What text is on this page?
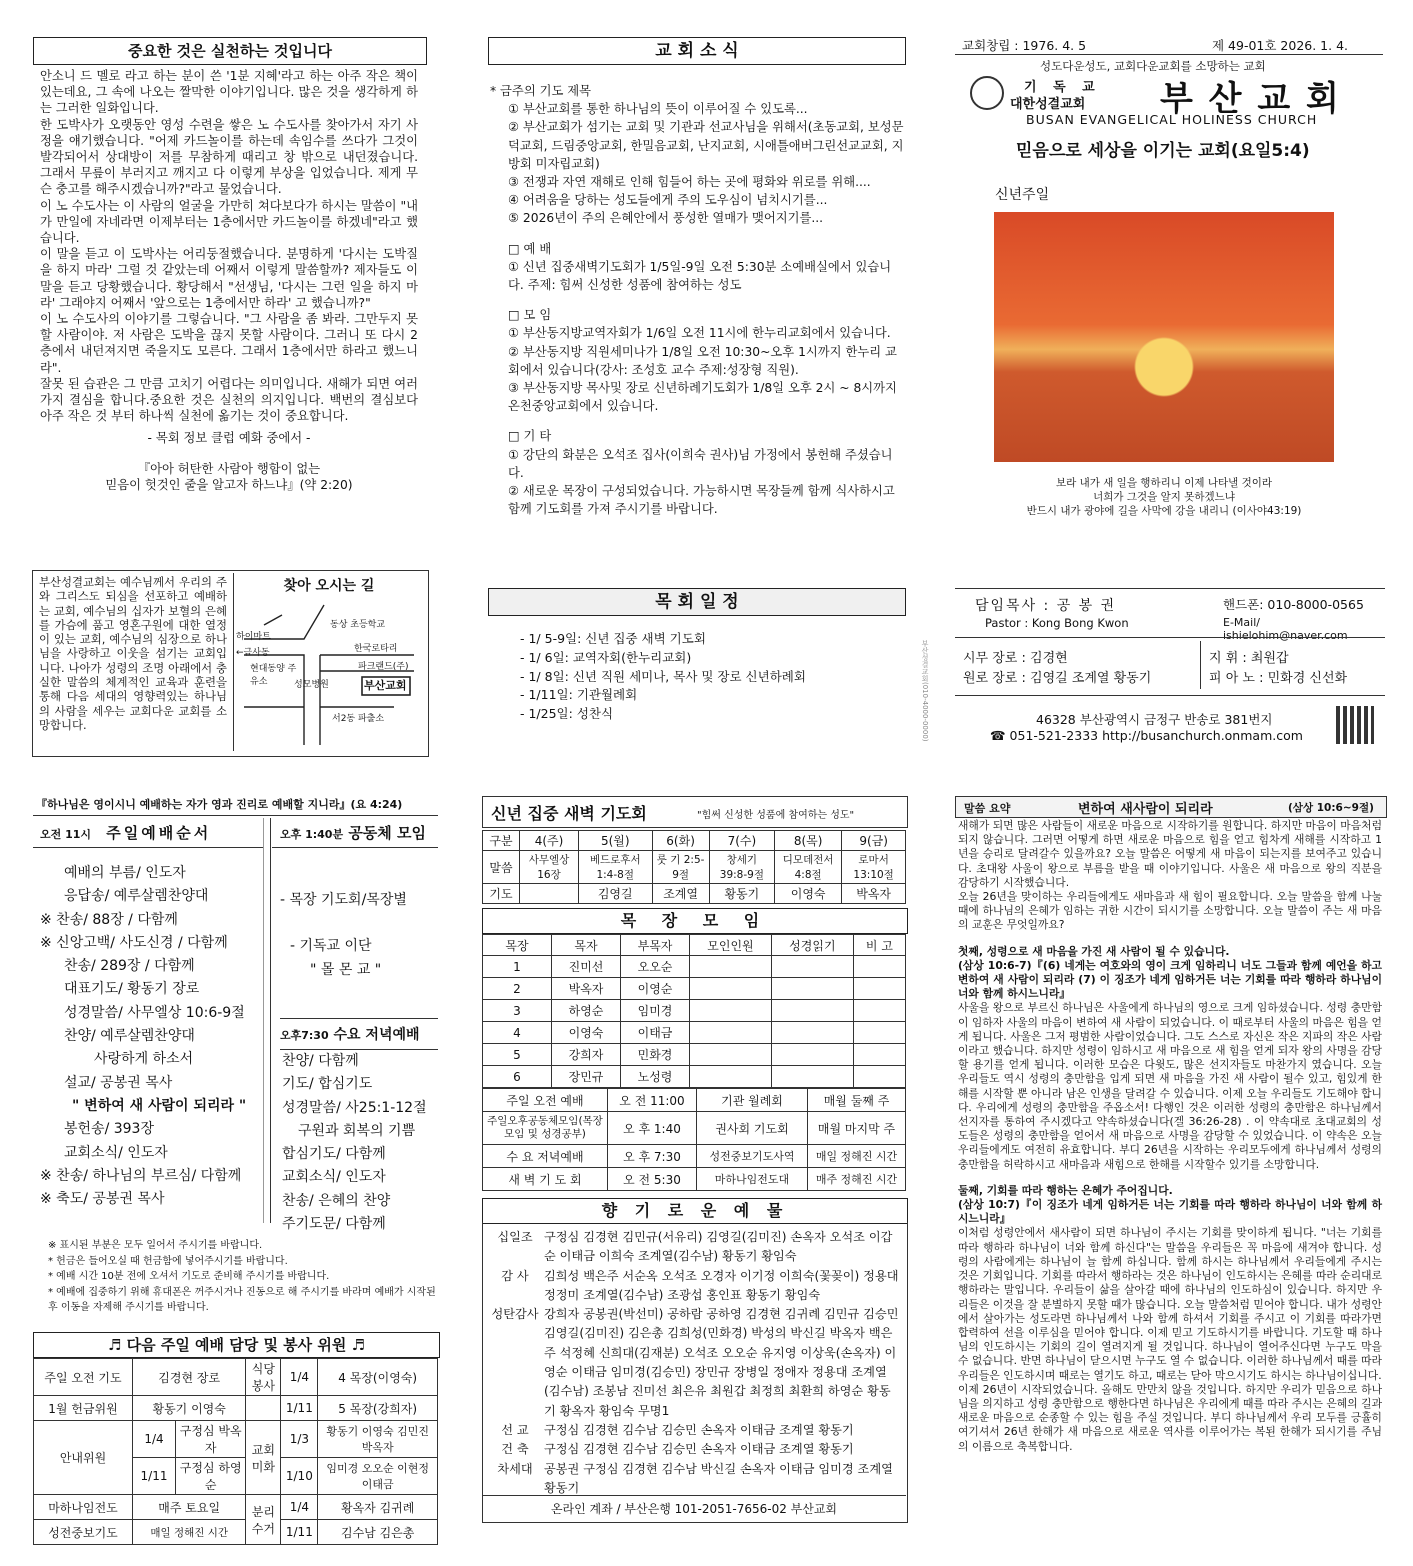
중요한 것은 실천하는 것입니다

안소니 드 멜로 라고 하는 분이 쓴 '1분 지혜'라고 하는 아주 작은 책이 있는데요, 그 속에 나오는 짤막한 이야기입니다. 많은 것을 생각하게 하는 그러한 일화입니다.

한 도박사가 오랫동안 영성 수련을 쌓은 노 수도사를 찾아가서 자기 사정을 얘기했습니다. "어제 카드놀이를 하는데 속임수를 쓰다가 그것이 발각되어서 상대방이 저를 무참하게 때리고 창 밖으로 내던졌습니다. 그래서 무릎이 부러지고 깨지고 다 이렇게 부상을 입었습니다. 제게 무슨 충고를 해주시겠습니까?"라고 물었습니다.

이 노 수도사는 이 사람의 얼굴을 가만히 쳐다보다가 하시는 말씀이 "내가 만일에 자네라면 이제부터는 1층에서만 카드놀이를 하겠네"라고 했습니다.

이 말을 듣고 이 도박사는 어리둥절했습니다. 분명하게 '다시는 도박질을 하지 마라' 그럴 것 같았는데 어째서 이렇게 말씀할까? 제자들도 이 말을 듣고 당황했습니다. 황당해서 "선생님, '다시는 그런 일을 하지 마라' 그래야지 어째서 '앞으로는 1층에서만 하라' 고 했습니까?"

이 노 수도사의 이야기를 그렇습니다. "그 사람을 좀 봐라. 그만두지 못할 사람이야. 저 사람은 도박을 끊지 못할 사람이다. 그러니 또 다시 2층에서 내던져지면 죽을지도 모른다. 그래서 1층에서만 하라고 했느니라".

잘못 된 습관은 그 만큼 고치기 어렵다는 의미입니다. 새해가 되면 여러가지 결심을 합니다.중요한 것은 실천의 의지입니다. 백번의 결심보다 아주 작은 것 부터 하나씩 실천에 옮기는 것이 중요합니다.

- 목회 정보 클럽 예화 중에서 -

『아아 허탄한 사람아 행함이 없는

믿음이 헛것인 줄을 알고자 하느냐』(약 2:20)

부산성결교회는 예수님께서 우리의 주와 그리스도 되심을 선포하고 예배하는 교회, 예수님의 십자가 보혈의 은혜를 가슴에 품고 영혼구원에 대한 열정이 있는 교회, 예수님의 심장으로 하나님을 사랑하고 이웃을 섬기는 교회입니다. 나아가 성령의 조명 아래에서 충실한 말씀의 체계적인 교육과 훈련을 통해 다음 세대의 영향력있는 하나님의 사람을 세우는 교회다운 교회를 소망합니다.
찾아 오시는 길
하이마트
←금사동
동상 초등학교
한국로타리
파크랜드(주)
현대동양 주유소	성모병원	부산교회
서2동 파출소
교 회 소 식
* 금주의 기도 제목
① 부산교회를 통한 하나님의 뜻이 이루어질 수 있도록...
② 부산교회가 섬기는 교회 및 기관과 선교사님을 위해서(초동교회, 보성문덕교회, 드림중앙교회, 한밀음교회, 난지교회, 시애틀애버그린선교교회, 지방회 미자립교회)
③ 전쟁과 자연 재해로 인해 힘들어 하는 곳에 평화와 위로를 위해....
④ 어려움을 당하는 성도들에게 주의 도우심이 넘치시기를...
⑤ 2026년이 주의 은혜안에서 풍성한 열매가 맺어지기를...
□ 예 배
① 신년 집중새벽기도회가 1/5일-9일 오전 5:30분 소예배실에서 있습니다. 주제: 힘써 신성한 성품에 참여하는 성도
□ 모 임
① 부산동지방교역자회가 1/6일 오전 11시에 한누리교회에서 있습니다.
② 부산동지방 직원세미나가 1/8일 오전 10:30~오후 1시까지 한누리 교회에서 있습니다(강사: 조성호 교수 주제:성장형 직원).
③ 부산동지방 목사및 장로 신년하례기도회가 1/8일 오후 2시 ~ 8시까지 온천중앙교회에서 있습니다.
□ 기 타
① 강단의 화분은 오석조 집사(이희숙 권사)님 가정에서 봉헌해 주셨습니다.
② 새로운 목장이 구성되었습니다. 가능하시면 목장들께 함께 식사하시고 함께 기도회를 가져 주시기를 바랍니다.
목 회 일 정
- 1/ 5-9일: 신년 집중 새벽 기도회
- 1/ 6일: 교역자회(한누리교회)
- 1/ 8일: 신년 직원 세미나, 목사 및 장로 신년하례회
- 1/11일: 기관월례회
- 1/25일: 성찬식	부산성결교회(010-4000-0000)
교회창립 : 1976. 4. 5	제 49-01호 2026. 1. 4.
성도다운성도, 교회다운교회를 소망하는 교회
기 독 교
대한성결교회 부 산 교 회
BUSAN EVANGELICAL HOLINESS CHURCH
믿음으로 세상을 이기는 교회(요일5:4)
신년주일
보라 내가 새 일을 행하리니 이제 나타낼 것이라
너희가 그것을 알지 못하겠느냐
반드시 내가 광야에 길을 사막에 강을 내리니 (이사야43:19)
담임목사 : 공 봉 권	핸드폰: 010-8000-0565
Pastor : Kong Bong Kwon	E-Mail/ ishielohim@naver.com
시무 장로 : 김경현
원로 장로 : 김영길 조계열 황동기
지 휘 : 최원갑
피 아 노 : 민화경 신선화
46328 부산광역시 금정구 반송로 381번지
☎ 051-521-2333 http://busanchurch.onmam.com
『하나님은 영이시니 예배하는 자가 영과 진리로 예배할 지니라』(요 4:24)
오전 11시 주일예배순서
예배의 부름/ 인도자
응답송/ 예루살렘찬양대
※ 찬송/ 88장 / 다함께
※ 신앙고백/ 사도신경 / 다함께
찬송/ 289장 / 다함께
대표기도/ 황동기 장로
성경말씀/ 사무엘상 10:6-9절
찬양/ 예루살렘찬양대
사랑하게 하소서
설교/ 공봉권 목사
" 변하여 새 사람이 되리라 "
봉헌송/ 393장
교회소식/ 인도자
※ 찬송/ 하나님의 부르심/ 다함께
※ 축도/ 공봉권 목사
오후 1:40분 공동체 모임
- 목장 기도회/목장별
- 기독교 이단
" 몰 몬 교 "
오후7:30 수요 저녁예배
찬양/ 다함께
기도/ 합심기도
성경말씀/ 사25:1-12절
구원과 회복의 기쁨
합심기도/ 다함께
교회소식/ 인도자
찬송/ 은혜의 찬양
주기도문/ 다함께
※ 표시된 부분은 모두 일어서 주시기를 바랍니다.
* 헌금은 들어오실 때 헌금함에 넣어주시기를 바랍니다.
* 예배 시간 10분 전에 오셔서 기도로 준비해 주시기를 바랍니다.
* 예배에 집중하기 위해 휴대폰은 꺼주시거나 진동으로 해 주시기를 바라며 예배가 시작된후 이동을 자제해 주시기를 바랍니다.
♬ 다음 주일 예배 담당 및 봉사 위원 ♬
주일 오전 기도	김경현 장로		식당봉사	1/4	4 목장(이영숙)
1월 헌금위원	황동기 이영숙			1/11	5 목장(강희자)
안내위원	1/4	구정심 박옥자	교회미화	1/3	황동기 이영숙 김민진 박옥자
	1/11	구정심 하영순		1/10	임미경 오오순 이현정 이태금
마하나임전도	매주 토요일		분리수거	1/4	황옥자 김귀례
성전중보기도	매일 정해진 시간			1/11	김수남 김은총
신년 집중 새벽 기도회	"힘써 신성한 성품에 참여하는 성도"
구분	4(주)	5(월)	6(화)	7(수)	8(목)	9(금)
말씀	사무엘상 16장	베드로후서 1:4-8절	룻 기 2:5-9절	창세기 39:8-9절	디모데전서 4:8절	로마서 13:10절
기도		김영길	조계열	황동기	이영숙	박옥자
목 장 모 임
목장	목자	부목자	모인인원	성경읽기	비 고
1	진미선	오오순			
2	박옥자	이영순			
3	하영순	임미경			
4	이영숙	이태금			
5	강희자	민화경			
6	장민규	노성령			
주일 오전 예배	오 전 11:00	기관 월례회	매월 둘째 주
주일오후공동체모임(목장모임 및 성경공부)	오 후 1:40	권사회 기도회	매월 마지막 주
수 요 저녁예배	오 후 7:30	성전중보기도사역	매일 정해진 시간
새 벽 기 도 회	오 전 5:30	마하나임전도대	매주 정해진 시간
향 기 로 운 예 물
십일조 구정심 김경현 김민규(서유리) 김영길(김미진) 손옥자 오석조 이갑순 이태금 이희숙 조계열(김수남) 황동기 황임숙
감 사	김희성 백은주 서순옥 오석조 오경자 이기정 이희숙(꽃꽂이) 정용대 정정미 조계열(김수남) 조광섭 홍인표 황동기 황임숙
성탄감사 강희자 공봉권(박선미) 공하람 공하영 김경현 김귀례 김민규 김승민 김영길(김미진) 김은총 김희성(민화경) 박성의 박신길 박옥자 백은주 석정혜 신희대(김재분) 오석조 오오순 유지영 이상욱(손옥자) 이영순 이태금 임미경(김승민) 장민규 장병일 정애자 정용대 조계열(김수남) 조봉남 진미선 최은유 최원갑 최정희 최환희 하영순 황동기 황옥자 황임숙 무명1
선 교	구정심 김경현 김수남 김승민 손옥자 이태금 조계열 황동기
건 축	구정심 김경현 김수남 김승민 손옥자 이태금 조계열 황동기
차세대 공봉권 구정심 김경현 김수남 박신길 손옥자 이태금 임미경 조계열 황동기
온라인 계좌 / 부산은행 101-2051-7656-02 부산교회
말씀 요약	변하여 새사람이 되리라	(삼상 10:6~9절)

새해가 되면 많은 사람들이 새로운 마음으로 시작하기를 원합니다. 하지만 마음이 마음처럼 되지 않습니다. 그러면 어떻게 하면 새로운 마음으로 힘을 얻고 힘차게 새해를 시작하고 1년을 승리로 달려갈수 있을까요? 오늘 말씀은 어떻게 새 마음이 되는지를 보여주고 있습니다. 초대왕 사울이 왕으로 부름을 받을 때 이야기입니다. 사울은 새 마음으로 왕의 직분을 감당하기 시작했습니다.

오늘 26년을 맞이하는 우리들에게도 새마음과 새 힘이 필요합니다. 오늘 말씀을 함께 나눌때에 하나님의 은혜가 임하는 귀한 시간이 되시기를 소망합니다. 오늘 말씀이 주는 새 마음의 교훈은 무엇일까요?

첫째, 성령으로 새 마음을 가진 새 사람이 될 수 있습니다.

(삼상 10:6-7)『(6) 네게는 여호와의 영이 크게 임하리니 너도 그들과 함께 예언을 하고 변하여 새 사람이 되리라 (7) 이 징조가 네게 임하거든 너는 기회를 따라 행하라 하나님이 너와 함께 하시느니라』

사울을 왕으로 부르신 하나님은 사울에게 하나님의 영으로 크게 임하셨습니다. 성령 충만함이 임하자 사울의 마음이 변하여 새 사람이 되었습니다. 이 때로부터 사울의 마음은 힘을 얻게 됩니다. 사울은 그저 평범한 사람이었습니다. 그도 스스로 자신은 작은 지파의 작은 사람이라고 했습니다. 하지만 성령이 임하시고 새 마음으로 새 힘을 얻게 되자 왕의 사명을 감당할 용기를 얻게 됩니다. 이러한 모습은 다윗도, 많은 선지자들도 마찬가지 였습니다. 오늘 우리들도 역시 성령의 충만함을 입게 되면 새 마음을 가진 새 사람이 될수 있고, 힘있게 한 해를 시작할 뿐 아니라 남은 인생을 달려갈 수 있습니다. 이제 오늘 우리들도 기도해야 합니다. 우리에게 성령의 충만함을 주옵소서! 다행인 것은 이러한 성령의 충만함은 하나님께서 선지자를 통하여 주시겠다고 약속하셨습니다(겔 36:26-28) . 이 약속대로 초대교회의 성도들은 성령의 충만함을 얻어서 새 마음으로 사명을 감당할 수 있었습니다. 이 약속은 오늘 우리들에게도 여전히 유효합니다. 부디 26년을 시작하는 우리모두에게 하나님께서 성령의 충만함을 허락하시고 새마음과 새힘으로 한해를 시작할수 있기를 소망합니다.

둘째, 기회를 따라 행하는 은혜가 주어집니다.

(삼상 10:7)『이 징조가 네게 임하거든 너는 기회를 따라 행하라 하나님이 너와 함께 하시느니라』

이처럼 성령안에서 새사람이 되면 하나님이 주시는 기회를 맞이하게 됩니다. "너는 기회를 따라 행하라 하나님이 너와 함께 하신다"는 말씀을 우리들은 꼭 마음에 새겨야 합니다. 성령의 사람에게는 하나님이 늘 함께 하십니다. 함께 하시는 하나님께서 우리들에게 주시는 것은 기회입니다. 기회를 따라서 행하라는 것은 하나님이 인도하시는 은혜를 따라 순리대로 행하라는 말입니다. 우리들이 삶을 살아갈 때에 하나님의 인도하심이 있습니다. 하지만 우리들은 이것을 잘 분별하지 못할 때가 많습니다. 오늘 말씀처럼 믿어야 합니다. 내가 성령안에서 살아가는 성도라면 하나님께서 나와 함께 하셔서 기회를 주시고 이 기회를 따라가면 합력하여 선을 이루심을 믿어야 합니다. 이제 믿고 기도하시기를 바랍니다. 기도할 때 하나님의 인도하시는 기회의 길이 열려지게 될 것입니다. 하나님이 열어주신다면 누구도 막을 수 없습니다. 반면 하나님이 닫으시면 누구도 열 수 없습니다. 이러한 하나님께서 때를 따라 우리들은 인도하시며 때로는 열기도 하고, 때로는 닫아 막으시기도 하시는 하나님이십니다.

이제 26년이 시작되었습니다. 올해도 만만치 않을 것입니다. 하지만 우리가 믿음으로 하나님을 의지하고 성령 충만함으로 행한다면 하나님은 우리에게 때를 따라 주시는 은혜의 길과 새로운 마음으로 순종할 수 있는 힘을 주실 것입니다. 부디 하나님께서 우리 모두를 긍휼히 여기셔서 26년 한해가 새 마음으로 새로운 역사를 이루어가는 복된 한해가 되시기를 주님의 이름으로 축복합니다.
